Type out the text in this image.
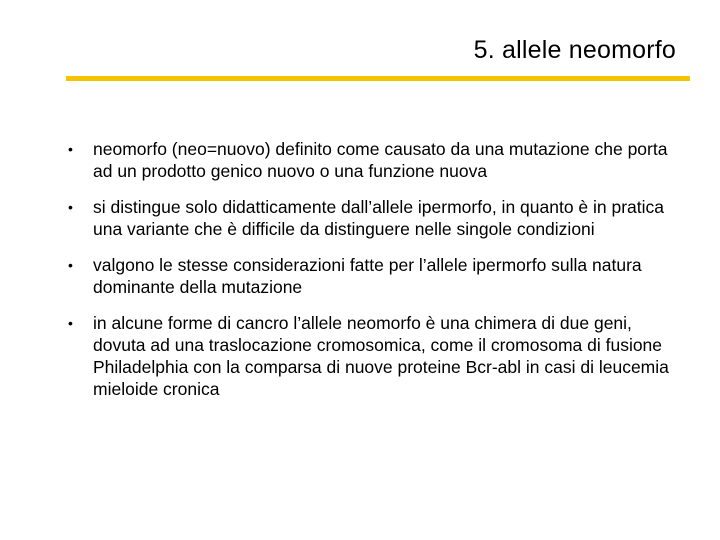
5. allele neomorfo
• neomorfo (neo=nuovo) definito come causato da una mutazione che porta ad un prodotto genico nuovo o una funzione nuova
• si distingue solo didatticamente dall’allele ipermorfo, in quanto è in pratica una variante che è difficile da distinguere nelle singole condizioni
• valgono le stesse considerazioni fatte per l’allele ipermorfo sulla natura dominante della mutazione
• in alcune forme di cancro l’allele neomorfo è una chimera di due geni, dovuta ad una traslocazione cromosomica, come il cromosoma di fusione Philadelphia con la comparsa di nuove proteine Bcr-abl in casi di leucemia mieloide cronica
